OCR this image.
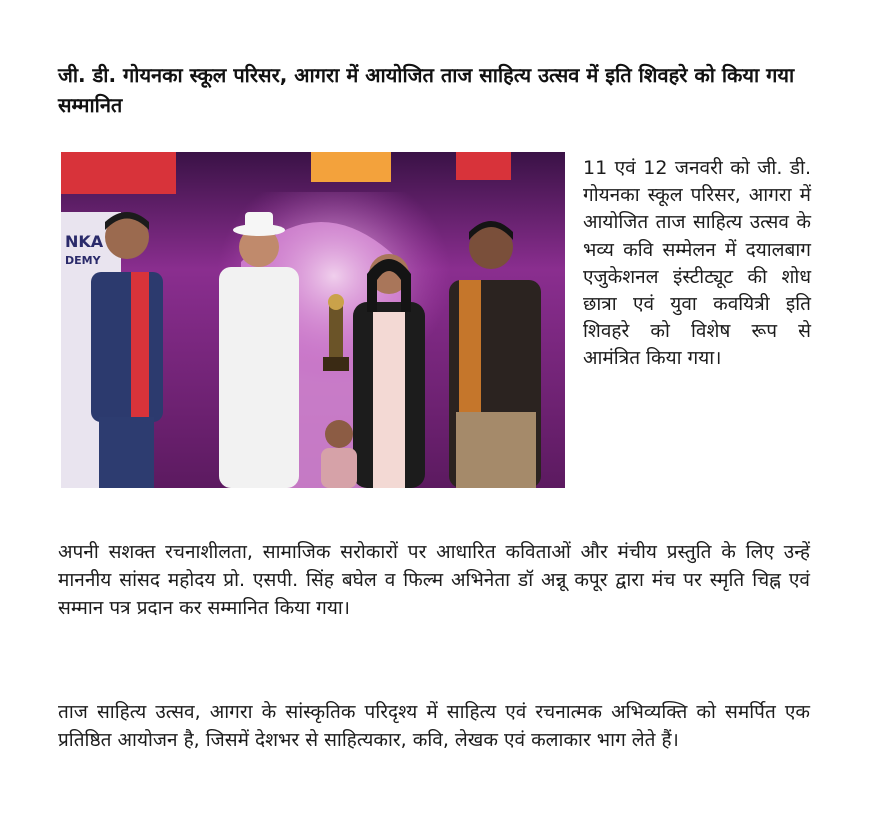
जी. डी. गोयनका स्कूल परिसर, आगरा में आयोजित ताज साहित्य उत्सव में इति शिवहरे को किया गया सम्मानित
NKA
DEMY

11 एवं 12 जनवरी को जी. डी. गोयनका स्कूल परिसर, आगरा में आयोजित ताज साहित्य उत्सव के भव्य कवि सम्मेलन में दयालबाग एजुकेशनल इंस्टीट्यूट की शोध छात्रा एवं युवा कवयित्री इति शिवहरे को विशेष रूप से आमंत्रित किया गया।

अपनी सशक्त रचनाशीलता, सामाजिक सरोकारों पर आधारित कविताओं और मंचीय प्रस्तुति के लिए उन्हें माननीय सांसद महोदय प्रो. एसपी. सिंह बघेल व फिल्म अभिनेता डॉ अन्नू कपूर द्वारा मंच पर स्मृति चिह्न एवं सम्मान पत्र प्रदान कर सम्मानित किया गया।

ताज साहित्य उत्सव, आगरा के सांस्कृतिक परिदृश्य में साहित्य एवं रचनात्मक अभिव्यक्ति को समर्पित एक प्रतिष्ठित आयोजन है, जिसमें देशभर से साहित्यकार, कवि, लेखक एवं कलाकार भाग लेते हैं।
